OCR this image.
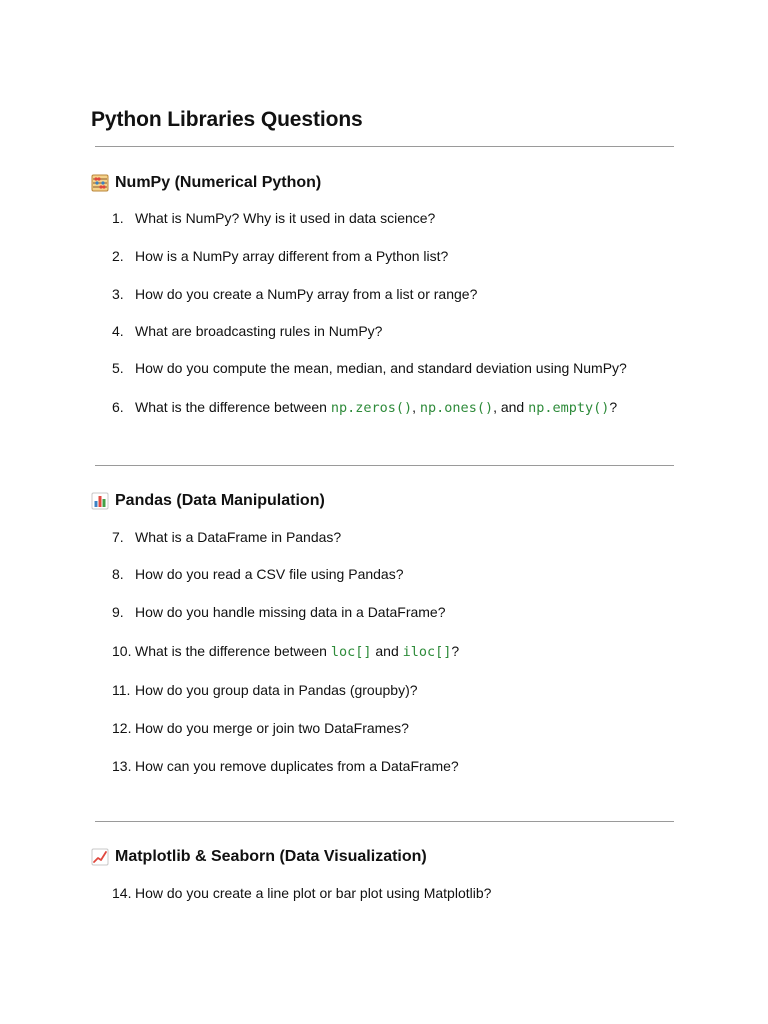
Python Libraries Questions
NumPy (Numerical Python)
1. What is NumPy? Why is it used in data science?
2. How is a NumPy array different from a Python list?
3. How do you create a NumPy array from a list or range?
4. What are broadcasting rules in NumPy?
5. How do you compute the mean, median, and standard deviation using NumPy?
6. What is the difference between np.zeros(), np.ones(), and np.empty()?
Pandas (Data Manipulation)
7. What is a DataFrame in Pandas?
8. How do you read a CSV file using Pandas?
9. How do you handle missing data in a DataFrame?
10. What is the difference between loc[] and iloc[]?
11. How do you group data in Pandas (groupby)?
12. How do you merge or join two DataFrames?
13. How can you remove duplicates from a DataFrame?
Matplotlib & Seaborn (Data Visualization)
14. How do you create a line plot or bar plot using Matplotlib?
